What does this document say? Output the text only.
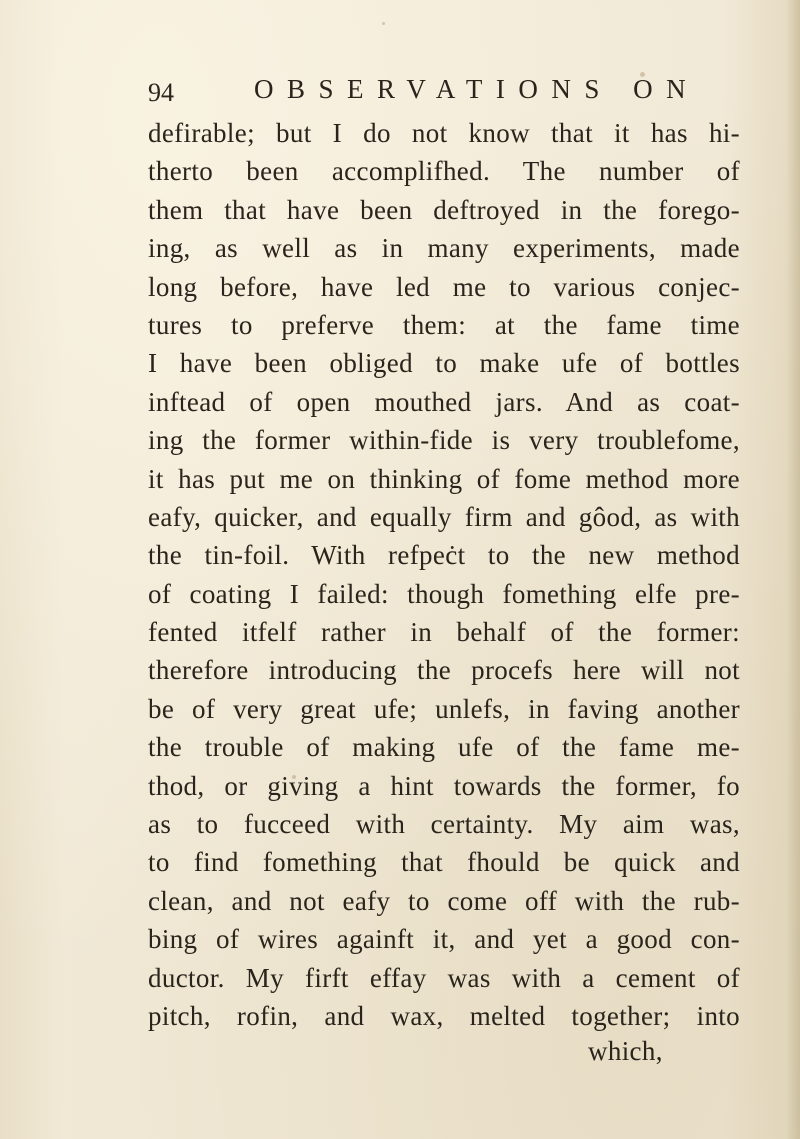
94	OBSERVATIONS ON
defirable; but I do not know that it has hi-
therto been accomplifhed. The number of
them that have been deftroyed in the forego-
ing, as well as in many experiments, made
long before, have led me to various conjec-
tures to preferve them: at the fame time
I have been obliged to make ufe of bottles
inftead of open mouthed jars. And as coat-
ing the former within-fide is very troublefome,
it has put me on thinking of fome method more
eafy, quicker, and equally firm and gôod, as with
the tin-foil. With refpeċt to the new method
of coating I failed: though fomething elfe pre-
fented itfelf rather in behalf of the former:
therefore introducing the procefs here will not
be of very great ufe; unlefs, in faving another
the trouble of making ufe of the fame me-
thod, or giving a hint towards the former, fo
as to fucceed with certainty. My aim was,
to find fomething that fhould be quick and
clean, and not eafy to come off with the rub-
bing of wires againft it, and yet a good con-
ductor. My firft effay was with a cement of
pitch, rofin, and wax, melted together; into
which,
